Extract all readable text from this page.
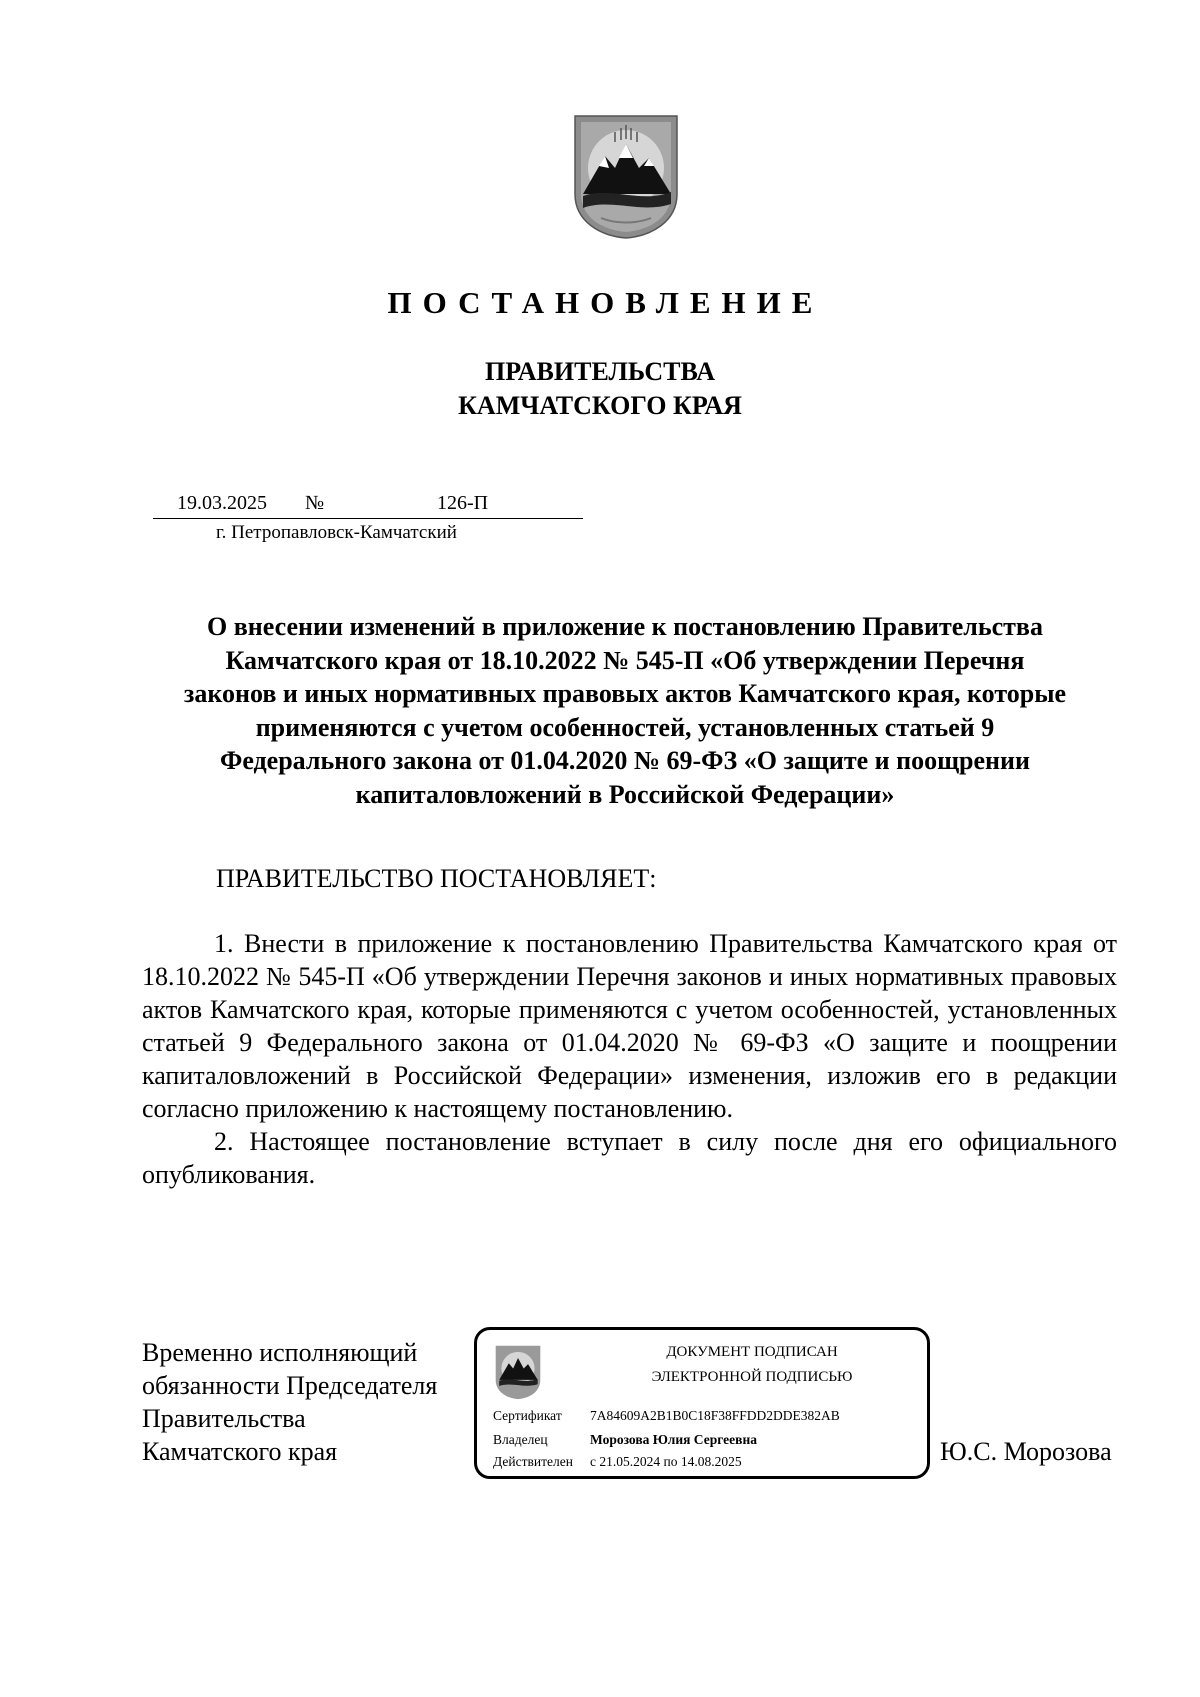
ПОСТАНОВЛЕНИЕ
ПРАВИТЕЛЬСТВА
КАМЧАТСКОГО КРАЯ
19.03.2025 №	126-П
г. Петропавловск-Камчатский
О внесении изменений в приложение к постановлению Правительства
Камчатского края от 18.10.2022 № 545-П «Об утверждении Перечня
законов и иных нормативных правовых актов Камчатского края, которые
применяются с учетом особенностей, установленных статьей 9
Федерального закона от 01.04.2020 № 69-ФЗ «О защите и поощрении
капиталовложений в Российской Федерации»
ПРАВИТЕЛЬСТВО ПОСТАНОВЛЯЕТ:

1. Внести в приложение к постановлению Правительства Камчатского края от 18.10.2022 № 545-П «Об утверждении Перечня законов и иных нормативных правовых актов Камчатского края, которые применяются с учетом особенностей, установленных статьей 9 Федерального закона от 01.04.2020 № 69-ФЗ «О защите и поощрении капиталовложений в Российской Федерации» изменения, изложив его в редакции согласно приложению к настоящему постановлению.

2. Настоящее постановление вступает в силу после дня его официального опубликования.

Временно исполняющий
обязанности Председателя
Правительства
Камчатского края
ДОКУМЕНТ ПОДПИСАН
ЭЛЕКТРОННОЙ ПОДПИСЬЮ
Сертификат 7A84609A2B1B0C18F38FFDD2DDE382AB
Владелец	Морозова Юлия Сергеевна
Действителен с 21.05.2024 по 14.08.2025	Ю.С. Морозова
